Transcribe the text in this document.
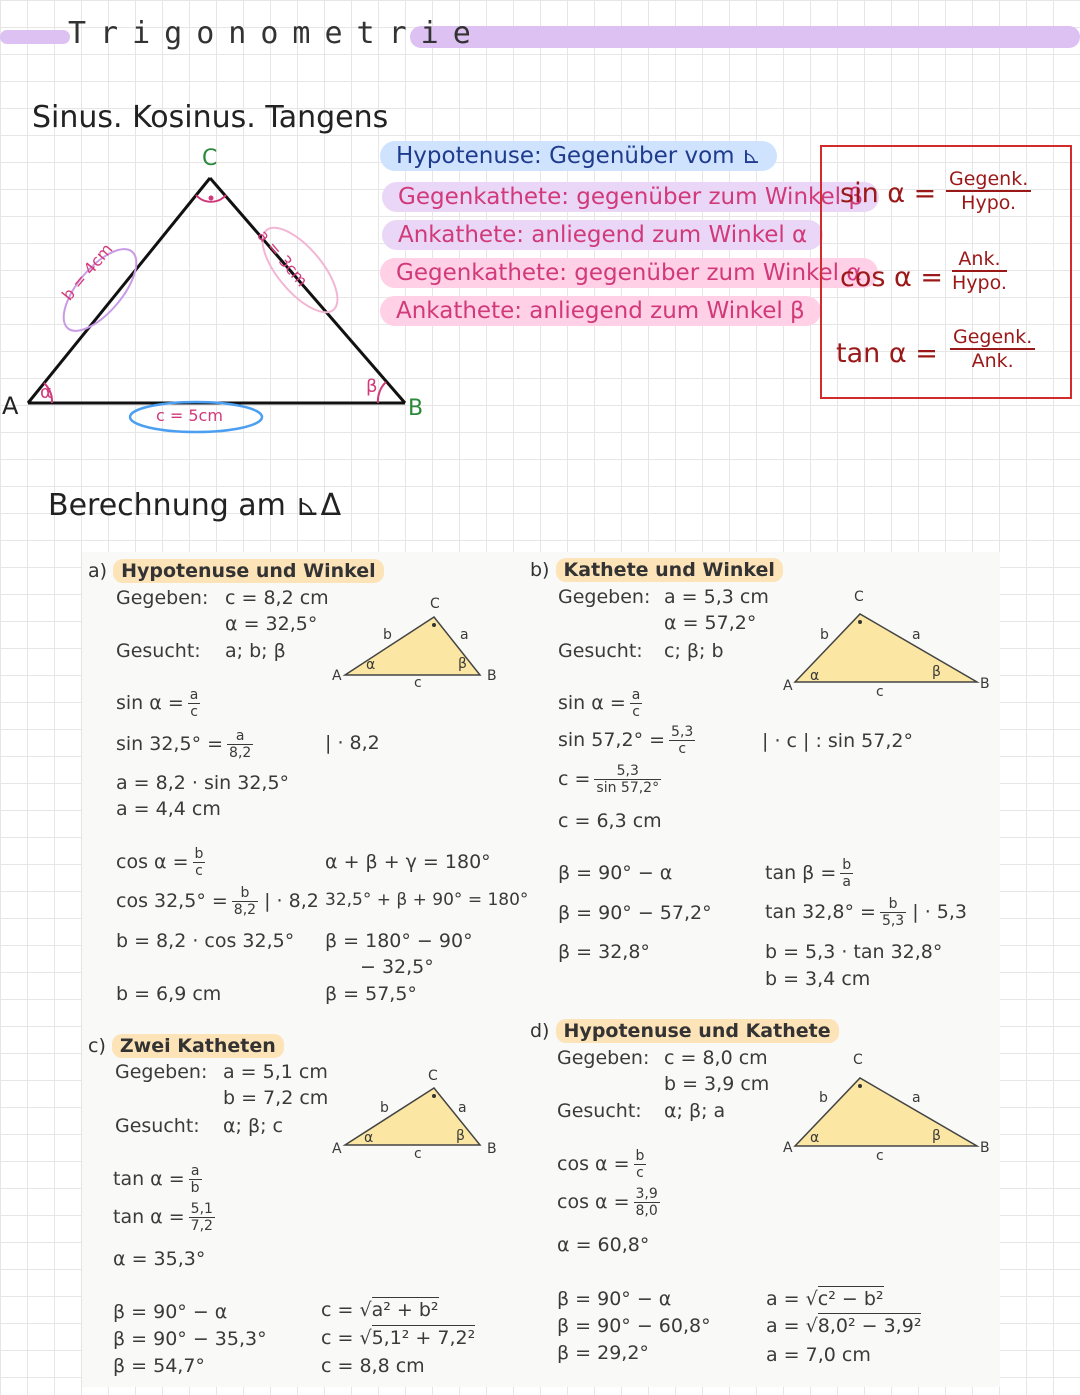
Trigonometrie
Sinus. Kosinus. Tangens
A	B
C
α	β
b = 4cm	a = 3cm
c = 5cm
Hypotenuse: Gegenüber vom ⊾
Gegenkathete: gegenüber zum Winkel β
Ankathete: anliegend zum Winkel α
Gegenkathete: gegenüber zum Winkel α
Ankathete: anliegend zum Winkel β
sin α = Gegenk.
Hypo.
cos α =
Ank.
Hypo.
tan α =
Gegenk.
Ank.
Berechnung am ⊾Δ
A	B
C
a
b
c
α	β
A	B
C
a
b
c
α	β
A	B
C
a
b
c
α	β
A	B
C
a
b
c
α	β
a) Hypotenuse und Winkel
Gegeben: c = 8,2 cm
α = 32,5°
Gesucht: a; b; β
$\sin \alpha = \frac{a}{c}$
$\sin 32,5^\circ = \frac{a}{8,2}$	| · 8,2
a = 8,2 · sin 32,5°
a = 4,4 cm
$\cos \alpha = \frac{b}{c}$
$\cos 32,5^\circ = \frac{b}{8,2}$ | · 8,2
b = 8,2 · cos 32,5°
b = 6,9 cm
α + β + γ = 180°
32,5° + β + 90° = 180°
β = 180° − 90°
− 32,5°
β = 57,5°
b) Kathete und Winkel
Gegeben: a = 5,3 cm
α = 57,2°
Gesucht: c; β; b
$\sin \alpha = \frac{a}{c}$
$\sin 57,2^\circ = \frac{5,3}{c}$	| · c | : sin 57,2°
$c = \frac{5,3}{\sin 57,2^\circ}$
c = 6,3 cm
β = 90° − α
β = 90° − 57,2°
β = 32,8°
$\tan \beta = \frac{b}{a}$
$\tan 32,8^\circ = \frac{b}{5,3}$ | · 5,3
b = 5,3 · tan 32,8°
b = 3,4 cm
c) Zwei Katheten
Gegeben: a = 5,1 cm
b = 7,2 cm
Gesucht: α; β; c
$\tan \alpha = \frac{a}{b}$
$\tan \alpha = \frac{5,1}{7,2}$
α = 35,3°
β = 90° − α
β = 90° − 35,3°
β = 54,7°
c = √a² + b²
c = √5,1² + 7,2²
c = 8,8 cm
d) Hypotenuse und Kathete
Gegeben: c = 8,0 cm
b = 3,9 cm
Gesucht: α; β; a
$\cos \alpha = \frac{b}{c}$
$\cos \alpha = \frac{3,9}{8,0}$
α = 60,8°
β = 90° − α
β = 90° − 60,8°
β = 29,2°
a = √c² − b²
a = √8,0² − 3,9²
a = 7,0 cm
